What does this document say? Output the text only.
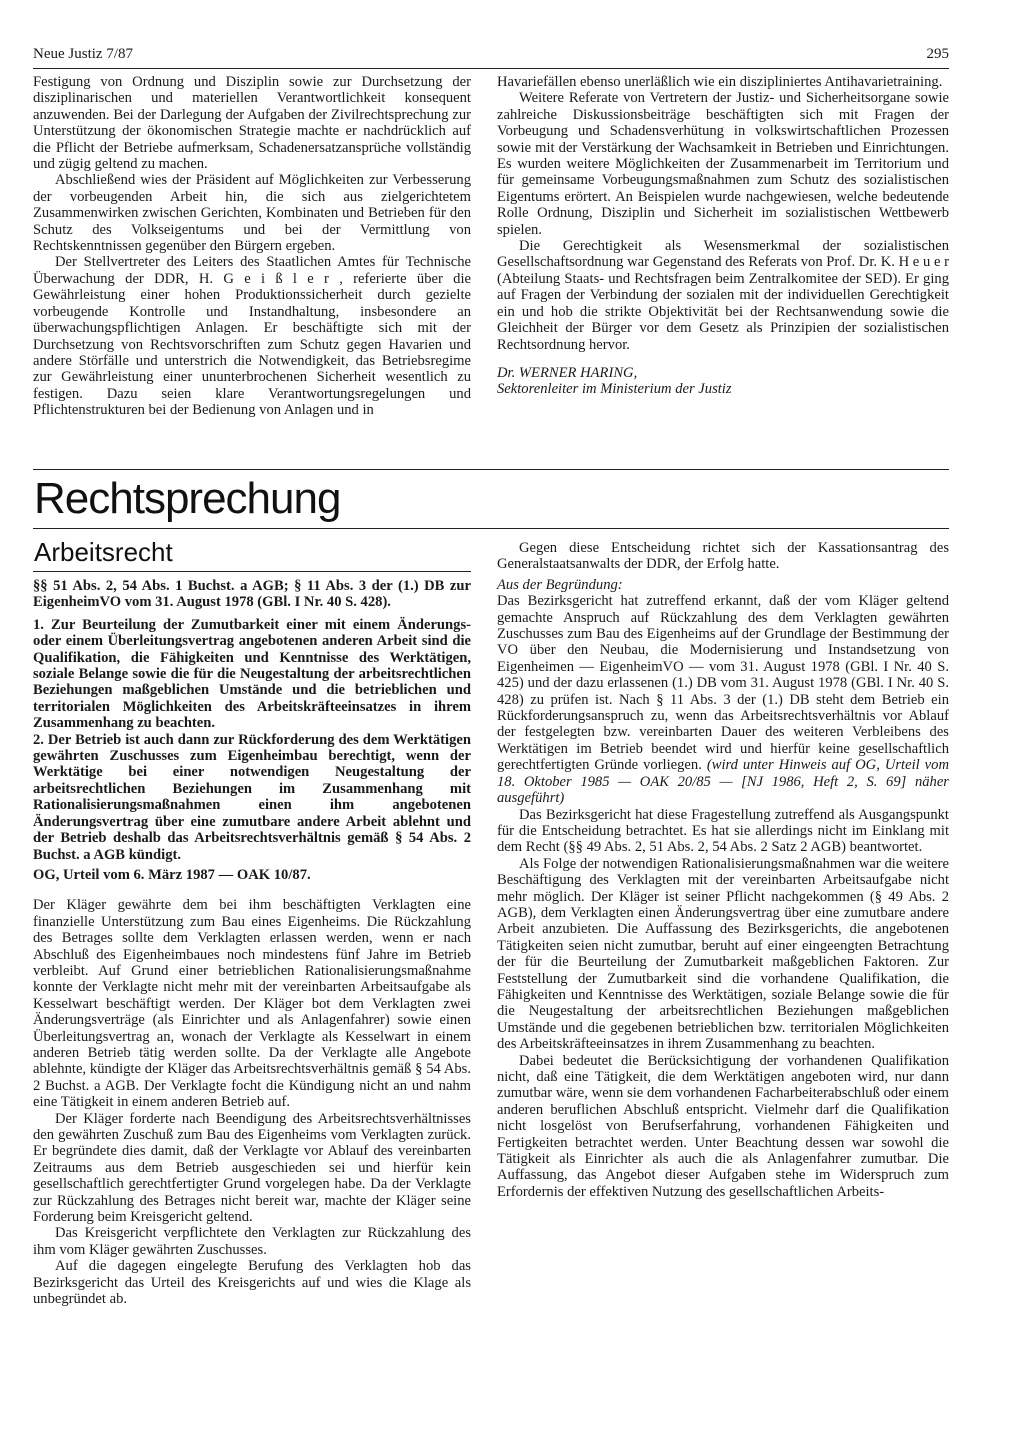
Neue Justiz 7/87	295

Festigung von Ordnung und Disziplin sowie zur Durchsetzung der disziplinarischen und materiellen Verantwortlichkeit konsequent anzuwenden. Bei der Darlegung der Aufgaben der Zivilrechtsprechung zur Unterstützung der ökonomischen Strategie machte er nachdrücklich auf die Pflicht der Betriebe aufmerksam, Schadenersatzansprüche vollständig und zügig geltend zu machen.

Abschließend wies der Präsident auf Möglichkeiten zur Verbesserung der vorbeugenden Arbeit hin, die sich aus zielgerichtetem Zusammenwirken zwischen Gerichten, Kombinaten und Betrieben für den Schutz des Volkseigentums und bei der Vermittlung von Rechtskenntnissen gegenüber den Bürgern ergeben.

Der Stellvertreter des Leiters des Staatlichen Amtes für Technische Überwachung der DDR, H. G e i ß l e r , referierte über die Gewährleistung einer hohen Produktionssicherheit durch gezielte vorbeugende Kontrolle und Instandhaltung, insbesondere an überwachungspflichtigen Anlagen. Er beschäftigte sich mit der Durchsetzung von Rechtsvorschriften zum Schutz gegen Havarien und andere Störfälle und unterstrich die Notwendigkeit, das Betriebsregime zur Gewährleistung einer ununterbrochenen Sicherheit wesentlich zu festigen. Dazu seien klare Verantwortungsregelungen und Pflichtenstrukturen bei der Bedienung von Anlagen und in

Havariefällen ebenso unerläßlich wie ein diszipliniertes Antihavarietraining.

Weitere Referate von Vertretern der Justiz- und Sicherheitsorgane sowie zahlreiche Diskussionsbeiträge beschäftigten sich mit Fragen der Vorbeugung und Schadensverhütung in volkswirtschaftlichen Prozessen sowie mit der Verstärkung der Wachsamkeit in Betrieben und Einrichtungen. Es wurden weitere Möglichkeiten der Zusammenarbeit im Territorium und für gemeinsame Vorbeugungsmaßnahmen zum Schutz des sozialistischen Eigentums erörtert. An Beispielen wurde nachgewiesen, welche bedeutende Rolle Ordnung, Disziplin und Sicherheit im sozialistischen Wettbewerb spielen.

Die Gerechtigkeit als Wesensmerkmal der sozialistischen Gesellschaftsordnung war Gegenstand des Referats von Prof. Dr. K. H e u e r (Abteilung Staats- und Rechtsfragen beim Zentralkomitee der SED). Er ging auf Fragen der Verbindung der sozialen mit der individuellen Gerechtigkeit ein und hob die strikte Objektivität bei der Rechtsanwendung sowie die Gleichheit der Bürger vor dem Gesetz als Prinzipien der sozialistischen Rechtsordnung hervor.

Dr. WERNER HARING,

Sektorenleiter im Ministerium der Justiz

Rechtsprechung
Arbeitsrecht

§§ 51 Abs. 2, 54 Abs. 1 Buchst. a AGB; § 11 Abs. 3 der (1.) DB zur EigenheimVO vom 31. August 1978 (GBl. I Nr. 40 S. 428).

1. Zur Beurteilung der Zumutbarkeit einer mit einem Änderungs- oder einem Überleitungsvertrag angebotenen anderen Arbeit sind die Qualifikation, die Fähigkeiten und Kenntnisse des Werktätigen, soziale Belange sowie die für die Neugestaltung der arbeitsrechtlichen Beziehungen maßgeblichen Umstände und die betrieblichen und territorialen Möglichkeiten des Arbeitskräfteeinsatzes in ihrem Zusammenhang zu beachten.

2. Der Betrieb ist auch dann zur Rückforderung des dem Werktätigen gewährten Zuschusses zum Eigenheimbau berechtigt, wenn der Werktätige bei einer notwendigen Neugestaltung der arbeitsrechtlichen Beziehungen im Zusammenhang mit Rationalisierungsmaßnahmen einen ihm angebotenen Änderungsvertrag über eine zumutbare andere Arbeit ablehnt und der Betrieb deshalb das Arbeitsrechtsverhältnis gemäß § 54 Abs. 2 Buchst. a AGB kündigt.

OG, Urteil vom 6. März 1987 — OAK 10/87.

Der Kläger gewährte dem bei ihm beschäftigten Verklagten eine finanzielle Unterstützung zum Bau eines Eigenheims. Die Rückzahlung des Betrages sollte dem Verklagten erlassen werden, wenn er nach Abschluß des Eigenheimbaues noch mindestens fünf Jahre im Betrieb verbleibt. Auf Grund einer betrieblichen Rationalisierungsmaßnahme konnte der Verklagte nicht mehr mit der vereinbarten Arbeitsaufgabe als Kesselwart beschäftigt werden. Der Kläger bot dem Verklagten zwei Änderungsverträge (als Einrichter und als Anlagenfahrer) sowie einen Überleitungsvertrag an, wonach der Verklagte als Kesselwart in einem anderen Betrieb tätig werden sollte. Da der Verklagte alle Angebote ablehnte, kündigte der Kläger das Arbeitsrechtsverhältnis gemäß § 54 Abs. 2 Buchst. a AGB. Der Verklagte focht die Kündigung nicht an und nahm eine Tätigkeit in einem anderen Betrieb auf.

Der Kläger forderte nach Beendigung des Arbeitsrechtsverhältnisses den gewährten Zuschuß zum Bau des Eigenheims vom Verklagten zurück. Er begründete dies damit, daß der Verklagte vor Ablauf des vereinbarten Zeitraums aus dem Betrieb ausgeschieden sei und hierfür kein gesellschaftlich gerechtfertigter Grund vorgelegen habe. Da der Verklagte zur Rückzahlung des Betrages nicht bereit war, machte der Kläger seine Forderung beim Kreisgericht geltend.

Das Kreisgericht verpflichtete den Verklagten zur Rückzahlung des ihm vom Kläger gewährten Zuschusses.

Auf die dagegen eingelegte Berufung des Verklagten hob das Bezirksgericht das Urteil des Kreisgerichts auf und wies die Klage als unbegründet ab.

Gegen diese Entscheidung richtet sich der Kassationsantrag des Generalstaatsanwalts der DDR, der Erfolg hatte.

Aus der Begründung:

Das Bezirksgericht hat zutreffend erkannt, daß der vom Kläger geltend gemachte Anspruch auf Rückzahlung des dem Verklagten gewährten Zuschusses zum Bau des Eigenheims auf der Grundlage der Bestimmung der VO über den Neubau, die Modernisierung und Instandsetzung von Eigenheimen — EigenheimVO — vom 31. August 1978 (GBl. I Nr. 40 S. 425) und der dazu erlassenen (1.) DB vom 31. August 1978 (GBl. I Nr. 40 S. 428) zu prüfen ist. Nach § 11 Abs. 3 der (1.) DB steht dem Betrieb ein Rückforderungsanspruch zu, wenn das Arbeitsrechtsverhältnis vor Ablauf der festgelegten bzw. vereinbarten Dauer des weiteren Verbleibens des Werktätigen im Betrieb beendet wird und hierfür keine gesellschaftlich gerechtfertigten Gründe vorliegen. (wird unter Hinweis auf OG, Urteil vom 18. Oktober 1985 — OAK 20/85 — [NJ 1986, Heft 2, S. 69] näher ausgeführt)

Das Bezirksgericht hat diese Fragestellung zutreffend als Ausgangspunkt für die Entscheidung betrachtet. Es hat sie allerdings nicht im Einklang mit dem Recht (§§ 49 Abs. 2, 51 Abs. 2, 54 Abs. 2 Satz 2 AGB) beantwortet.

Als Folge der notwendigen Rationalisierungsmaßnahmen war die weitere Beschäftigung des Verklagten mit der vereinbarten Arbeitsaufgabe nicht mehr möglich. Der Kläger ist seiner Pflicht nachgekommen (§ 49 Abs. 2 AGB), dem Verklagten einen Änderungsvertrag über eine zumutbare andere Arbeit anzubieten. Die Auffassung des Bezirksgerichts, die angebotenen Tätigkeiten seien nicht zumutbar, beruht auf einer eingeengten Betrachtung der für die Beurteilung der Zumutbarkeit maßgeblichen Faktoren. Zur Feststellung der Zumutbarkeit sind die vorhandene Qualifikation, die Fähigkeiten und Kenntnisse des Werktätigen, soziale Belange sowie die für die Neugestaltung der arbeitsrechtlichen Beziehungen maßgeblichen Umstände und die gegebenen betrieblichen bzw. territorialen Möglichkeiten des Arbeitskräfteeinsatzes in ihrem Zusammenhang zu beachten.

Dabei bedeutet die Berücksichtigung der vorhandenen Qualifikation nicht, daß eine Tätigkeit, die dem Werktätigen angeboten wird, nur dann zumutbar wäre, wenn sie dem vorhandenen Facharbeiterabschluß oder einem anderen beruflichen Abschluß entspricht. Vielmehr darf die Qualifikation nicht losgelöst von Berufserfahrung, vorhandenen Fähigkeiten und Fertigkeiten betrachtet werden. Unter Beachtung dessen war sowohl die Tätigkeit als Einrichter als auch die als Anlagenfahrer zumutbar. Die Auffassung, das Angebot dieser Aufgaben stehe im Widerspruch zum Erfordernis der effektiven Nutzung des gesellschaftlichen Arbeits-
